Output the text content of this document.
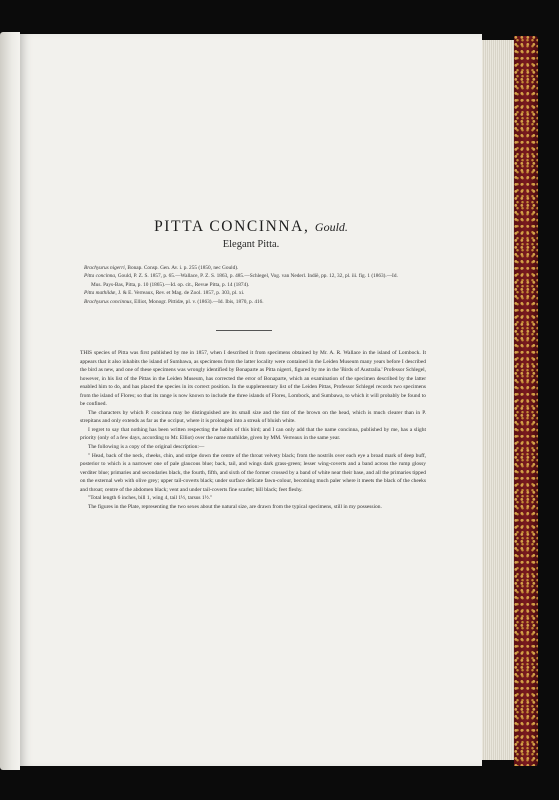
PITTA CONCINNA, Gould.
Elegant Pitta.
Brachyurus nigerri, Bonap. Consp. Gen. Av. i. p. 255 (1850, nec Gould).
Pitta concinna, Gould, P. Z. S. 1857, p. 65.—Wallace, P. Z. S. 1863, p. 485.—Schlegel, Vog. van Nederl. Indië, pp. 12, 32, pl. iii. fig. 1 (1863).—Id. Mus. Pays-Bas, Pitta, p. 10 (1865).—Id. op. cit., Revue Pitta, p. 14 (1874).
Pitta mathildæ, J. & E. Verreaux, Rev. et Mag. de Zool. 1857, p. 303, pl. xi.
Brachyurus concinnus, Elliot, Monogr. Pittidæ, pl. v. (1863).—Id. Ibis, 1870, p. 416.

THIS species of Pitta was first published by me in 1857, when I described it from specimens obtained by Mr. A. R. Wallace in the island of Lombock. It appears that it also inhabits the island of Sumbawa, as specimens from the latter locality were contained in the Leiden Museum many years before I described the bird as new, and one of these specimens was wrongly identified by Bonaparte as Pitta nigerri, figured by me in the 'Birds of Australia.' Professor Schlegel, however, in his list of the Pittas in the Leiden Museum, has corrected the error of Bonaparte, which an examination of the specimen described by the latter enabled him to do, and has placed the species in its correct position. In the supplementary list of the Leiden Pittas, Professor Schlegel records two specimens from the island of Flores; so that its range is now known to include the three islands of Flores, Lombock, and Sumbawa, to which it will probably be found to be confined.

The characters by which P. concinna may be distinguished are its small size and the tint of the brown on the head, which is much clearer than in P. strepitans and only extends as far as the occiput, where it is prolonged into a streak of bluish white.

I regret to say that nothing has been written respecting the habits of this bird; and I can only add that the name concinna, published by me, has a slight priority (only of a few days, according to Mr. Elliot) over the name mathildæ, given by MM. Verreaux in the same year.

The following is a copy of the original description:—

" Head, back of the neck, cheeks, chin, and stripe down the centre of the throat velvety black; from the nostrils over each eye a broad mark of deep buff, posterior to which is a narrower one of pale glaucous blue; back, tail, and wings dark grass-green; lesser wing-coverts and a band across the rump glossy verditer blue; primaries and secondaries black, the fourth, fifth, and sixth of the former crossed by a band of white near their base, and all the primaries tipped on the external web with olive grey; upper tail-coverts black; under surface delicate fawn-colour, becoming much paler where it meets the black of the cheeks and throat; centre of the abdomen black; vent and under tail-coverts fine scarlet; bill black; feet fleshy.

"Total length 6 inches, bill 1, wing 4, tail 1½, tarsus 1½."

The figures in the Plate, representing the two sexes about the natural size, are drawn from the typical specimens, still in my possession.
